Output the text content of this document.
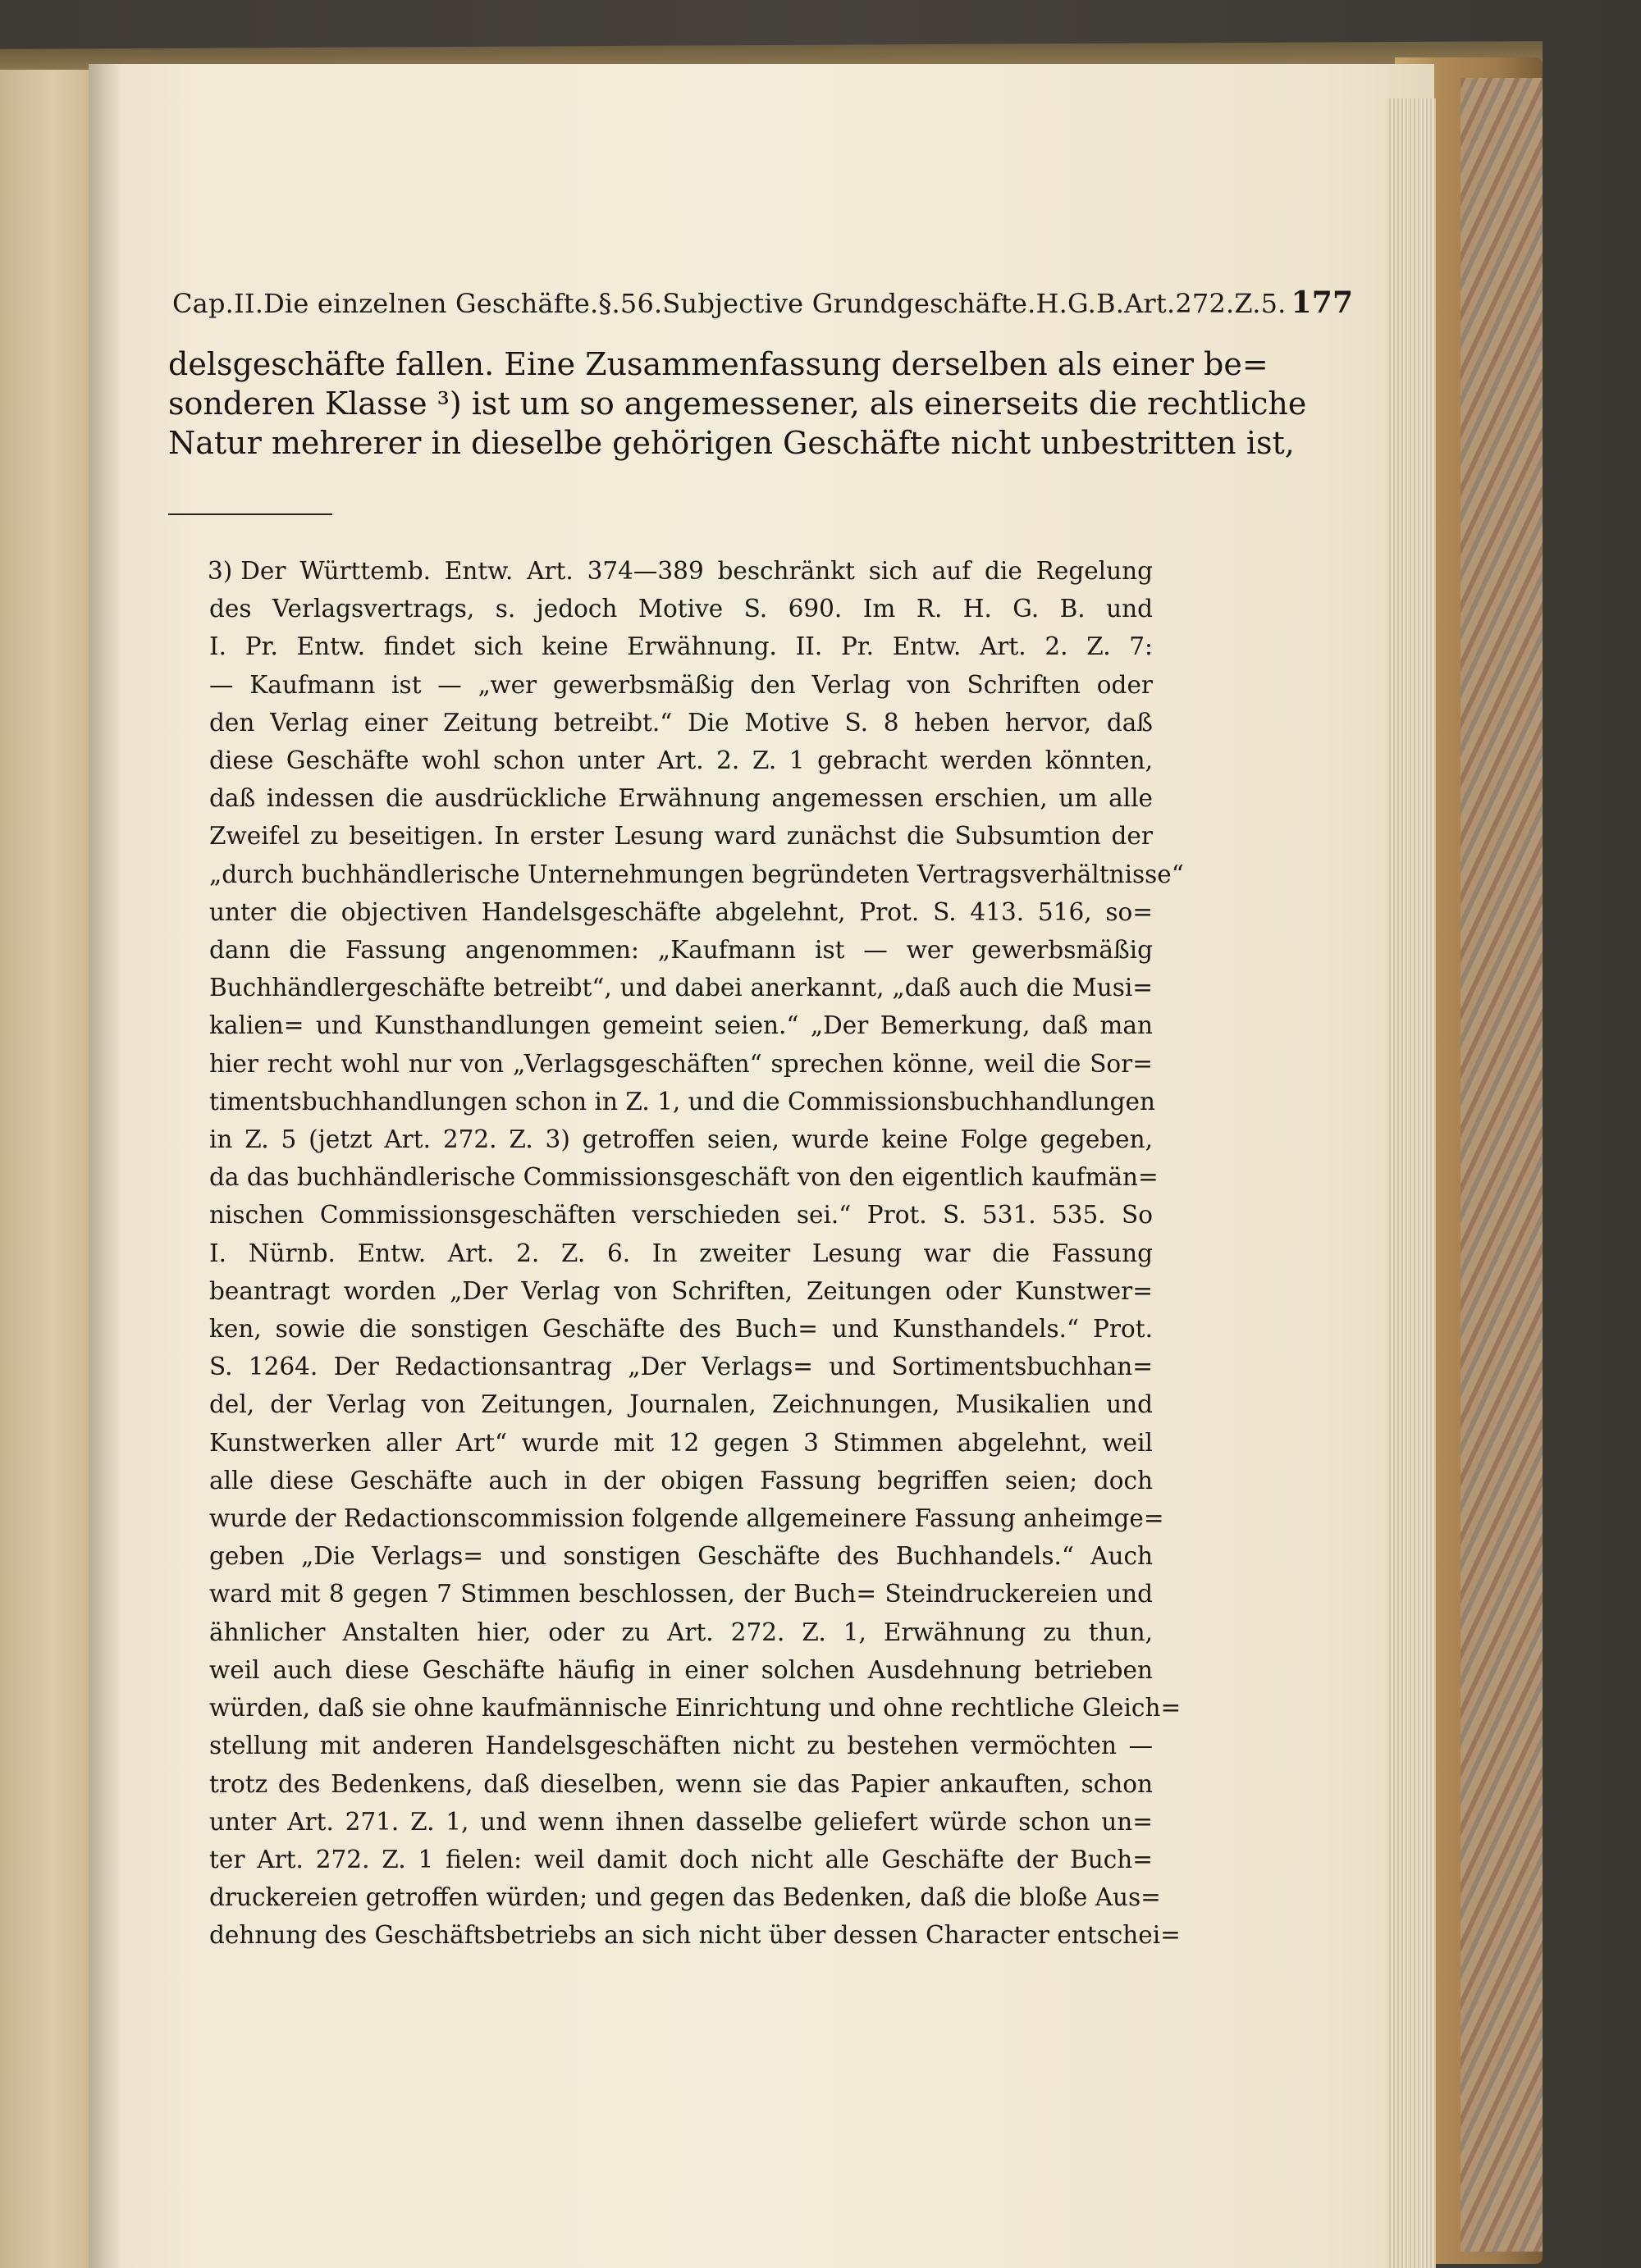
Cap.II.Die einzelnen Geschäfte.§.56.Subjective Grundgeschäfte.H.G.B.Art.272.Z.5. 177
delsgeschäfte fallen. Eine Zusammenfassung derselben als einer be=
sonderen Klasse ³) ist um so angemessener, als einerseits die rechtliche
Natur mehrerer in dieselbe gehörigen Geschäfte nicht unbestritten ist,
3) Der Württemb. Entw. Art. 374—389 beschränkt sich auf die Regelung
des Verlagsvertrags, s. jedoch Motive S. 690. Im R. H. G. B. und
I. Pr. Entw. findet sich keine Erwähnung. II. Pr. Entw. Art. 2. Z. 7:
— Kaufmann ist — „wer gewerbsmäßig den Verlag von Schriften oder
den Verlag einer Zeitung betreibt.“ Die Motive S. 8 heben hervor, daß
diese Geschäfte wohl schon unter Art. 2. Z. 1 gebracht werden könnten,
daß indessen die ausdrückliche Erwähnung angemessen erschien, um alle
Zweifel zu beseitigen. In erster Lesung ward zunächst die Subsumtion der
„durch buchhändlerische Unternehmungen begründeten Vertragsverhältnisse“
unter die objectiven Handelsgeschäfte abgelehnt, Prot. S. 413. 516, so=
dann die Fassung angenommen: „Kaufmann ist — wer gewerbsmäßig
Buchhändlergeschäfte betreibt“, und dabei anerkannt, „daß auch die Musi=
kalien= und Kunsthandlungen gemeint seien.“ „Der Bemerkung, daß man
hier recht wohl nur von „Verlagsgeschäften“ sprechen könne, weil die Sor=
timentsbuchhandlungen schon in Z. 1, und die Commissionsbuchhandlungen
in Z. 5 (jetzt Art. 272. Z. 3) getroffen seien, wurde keine Folge gegeben,
da das buchhändlerische Commissionsgeschäft von den eigentlich kaufmän=
nischen Commissionsgeschäften verschieden sei.“ Prot. S. 531. 535. So
I. Nürnb. Entw. Art. 2. Z. 6. In zweiter Lesung war die Fassung
beantragt worden „Der Verlag von Schriften, Zeitungen oder Kunstwer=
ken, sowie die sonstigen Geschäfte des Buch= und Kunsthandels.“ Prot.
S. 1264. Der Redactionsantrag „Der Verlags= und Sortimentsbuchhan=
del, der Verlag von Zeitungen, Journalen, Zeichnungen, Musikalien und
Kunstwerken aller Art“ wurde mit 12 gegen 3 Stimmen abgelehnt, weil
alle diese Geschäfte auch in der obigen Fassung begriffen seien; doch
wurde der Redactionscommission folgende allgemeinere Fassung anheimge=
geben „Die Verlags= und sonstigen Geschäfte des Buchhandels.“ Auch
ward mit 8 gegen 7 Stimmen beschlossen, der Buch= Steindruckereien und
ähnlicher Anstalten hier, oder zu Art. 272. Z. 1, Erwähnung zu thun,
weil auch diese Geschäfte häufig in einer solchen Ausdehnung betrieben
würden, daß sie ohne kaufmännische Einrichtung und ohne rechtliche Gleich=
stellung mit anderen Handelsgeschäften nicht zu bestehen vermöchten —
trotz des Bedenkens, daß dieselben, wenn sie das Papier ankauften, schon
unter Art. 271. Z. 1, und wenn ihnen dasselbe geliefert würde schon un=
ter Art. 272. Z. 1 fielen: weil damit doch nicht alle Geschäfte der Buch=
druckereien getroffen würden; und gegen das Bedenken, daß die bloße Aus=
dehnung des Geschäftsbetriebs an sich nicht über dessen Character entschei=
